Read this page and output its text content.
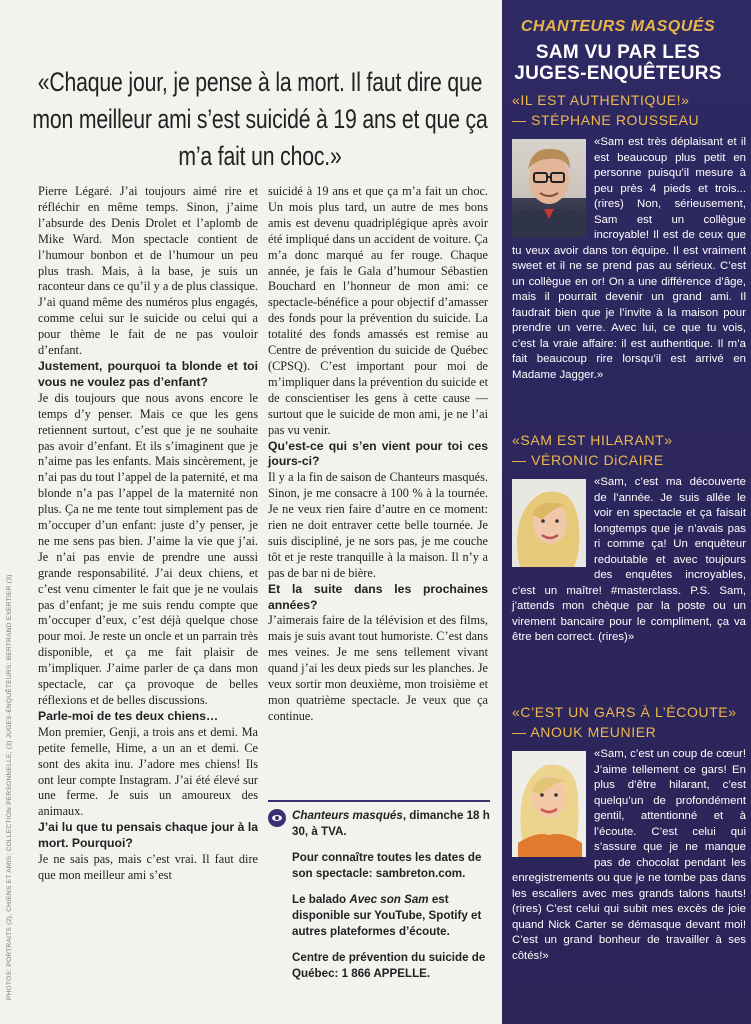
«Chaque jour, je pense à la mort. Il faut dire que mon meilleur ami s’est suicidé à 19 ans et que ça m’a fait un choc.»

Pierre Légaré. J’ai toujours aimé rire et réfléchir en même temps. Sinon, j’aime l’absurde des Denis Drolet et l’aplomb de Mike Ward. Mon spectacle contient de l’humour bonbon et de l’humour un peu plus trash. Mais, à la base, je suis un raconteur dans ce qu’il y a de plus classique. J’ai quand même des numéros plus engagés, comme celui sur le suicide ou celui qui a pour thème le fait de ne pas vouloir d’enfant.

Justement, pourquoi ta blonde et toi vous ne voulez pas d’enfant?

Je dis toujours que nous avons encore le temps d’y penser. Mais ce que les gens retiennent surtout, c’est que je ne souhaite pas avoir d’enfant. Et ils s’imaginent que je n’aime pas les enfants. Mais sincèrement, je n’ai pas du tout l’appel de la paternité, et ma blonde n’a pas l’appel de la maternité non plus. Ça ne me tente tout simplement pas de m’occuper d’un enfant: juste d’y penser, je ne me sens pas bien. J’aime la vie que j’ai. Je n’ai pas envie de prendre une aussi grande responsabilité. J’ai deux chiens, et c’est venu cimenter le fait que je ne voulais pas d’enfant; je me suis rendu compte que m’occuper d’eux, c’est déjà quelque chose pour moi. Je reste un oncle et un parrain très disponible, et ça me fait plaisir de m’impliquer. J’aime parler de ça dans mon spectacle, car ça provoque de belles réflexions et de belles discussions.

Parle-moi de tes deux chiens…

Mon premier, Genji, a trois ans et demi. Ma petite femelle, Hime, a un an et demi. Ce sont des akita inu. J’adore mes chiens! Ils ont leur compte Instagram. J’ai été élevé sur une ferme. Je suis un amoureux des animaux.

J’ai lu que tu pensais chaque jour à la mort. Pourquoi?

Je ne sais pas, mais c’est vrai. Il faut dire que mon meilleur ami s’est

suicidé à 19 ans et que ça m’a fait un choc. Un mois plus tard, un autre de mes bons amis est devenu quadriplégique après avoir été impliqué dans un accident de voiture. Ça m’a donc marqué au fer rouge. Chaque année, je fais le Gala d’humour Sébastien Bouchard en l’honneur de mon ami: ce spectacle-bénéfice a pour objectif d’amasser des fonds pour la prévention du suicide. La totalité des fonds amassés est remise au Centre de prévention du suicide de Québec (CPSQ). C’est important pour moi de m’impliquer dans la prévention du suicide et de conscientiser les gens à cette cause — surtout que le suicide de mon ami, je ne l’ai pas vu venir.

Qu’est-ce qui s’en vient pour toi ces jours-ci?

Il y a la fin de saison de Chanteurs masqués. Sinon, je me consacre à 100 % à la tournée. Je ne veux rien faire d’autre en ce moment: rien ne doit entraver cette belle tournée. Je suis discipliné, je ne sors pas, je me couche tôt et je reste tranquille à la maison. Il n’y a pas de bar ni de bière.

Et la suite dans les prochaines années?

J’aimerais faire de la télévision et des films, mais je suis avant tout humoriste. C’est dans mes veines. Je me sens tellement vivant quand j’ai les deux pieds sur les planches. Je veux sortir mon deuxième, mon troisième et mon quatrième spectacle. Je veux que ça continue.

Chanteurs masqués, dimanche 18 h 30, à TVA.

Pour connaître toutes les dates de son spectacle: sambreton.com.

Le balado Avec son Sam est disponible sur YouTube, Spotify et autres plateformes d’écoute.

Centre de prévention du suicide de Québec: 1 866 APPELLE.

PHOTOS: PORTRAITS (2), CHIENS ET AMIS: COLLECTION PERSONNELLE, (3) JUGES-ENQUÊTEURS: BERTRAND EXERTIER (3)
CHANTEURS MASQUÉS
SAM VU PAR LES JUGES-ENQUÊTEURS
«IL EST AUTHENTIQUE!»
— STÉPHANE ROUSSEAU

«Sam est très déplaisant et il est beaucoup plus petit en personne puisqu’il mesure à peu près 4 pieds et trois... (rires) Non, sérieusement, Sam est un collègue incroyable! Il est de ceux que tu veux avoir dans ton équipe. Il est vraiment sweet et il ne se prend pas au sérieux. C’est un collègue en or! On a une différence d’âge, mais il pourrait devenir un grand ami. Il faudrait bien que je l’invite à la maison pour prendre un verre. Avec lui, ce que tu vois, c’est la vraie affaire: il est authentique. Il m’a fait beaucoup rire lorsqu’il est arrivé en Madame Jagger.»

«SAM EST HILARANT»
— VÉRONIC DiCAIRE

«Sam, c’est ma découverte de l’année. Je suis allée le voir en spectacle et ça faisait longtemps que je n’avais pas ri comme ça! Un enquêteur redoutable et avec toujours des enquêtes incroyables, c’est un maître! #masterclass. P.S. Sam, j’attends mon chèque par la poste ou un virement bancaire pour le compliment, ça va être ben correct. (rires)»

«C’EST UN GARS À L’ÉCOUTE»
— ANOUK MEUNIER

«Sam, c’est un coup de cœur! J’aime tellement ce gars! En plus d’être hilarant, c’est quelqu’un de profondément gentil, attentionné et à l’écoute. C’est celui qui s’assure que je ne manque pas de chocolat pendant les enregistrements ou que je ne tombe pas dans les escaliers avec mes grands talons hauts! (rires) C’est celui qui subit mes excès de joie quand Nick Carter se démasque devant moi! C’est un grand bonheur de travailler à ses côtés!»
